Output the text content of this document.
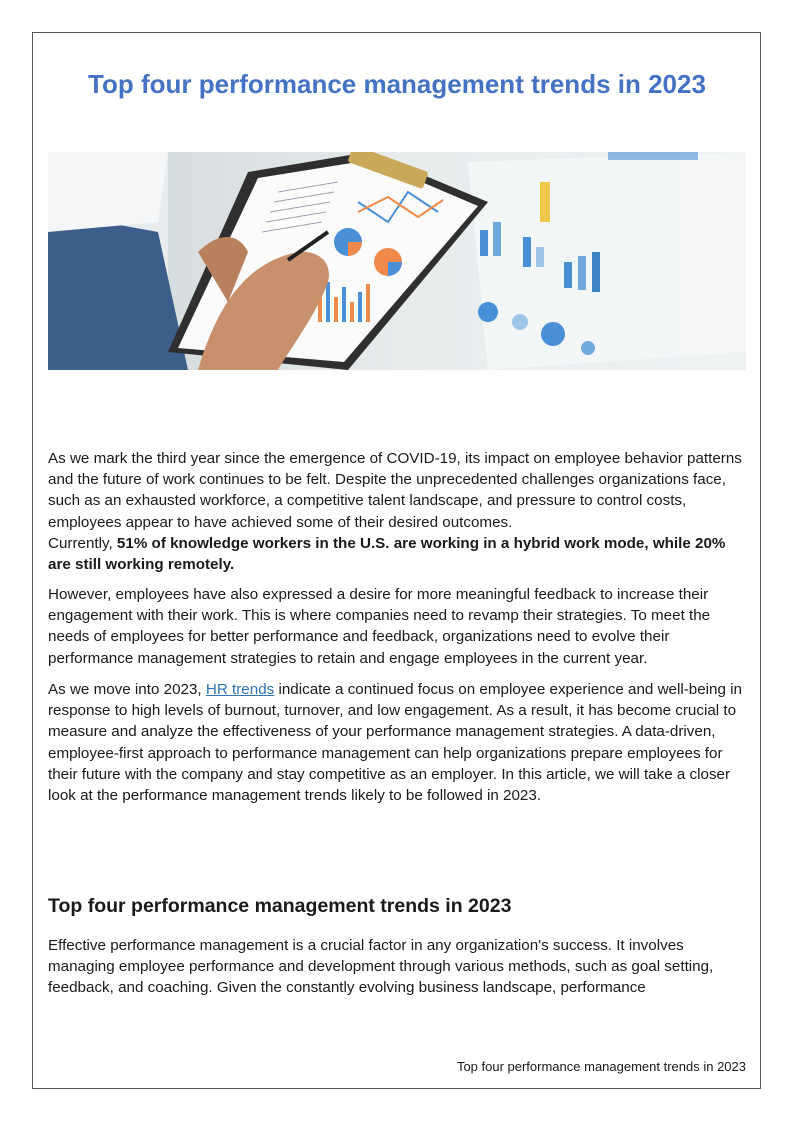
Top four performance management trends in 2023

As we mark the third year since the emergence of COVID-19, its impact on employee behavior patterns and the future of work continues to be felt. Despite the unprecedented challenges organizations face, such as an exhausted workforce, a competitive talent landscape, and pressure to control costs, employees appear to have achieved some of their desired outcomes.
Currently, 51% of knowledge workers in the U.S. are working in a hybrid work mode, while 20% are still working remotely.

However, employees have also expressed a desire for more meaningful feedback to increase their engagement with their work. This is where companies need to revamp their strategies. To meet the needs of employees for better performance and feedback, organizations need to evolve their performance management strategies to retain and engage employees in the current year.

As we move into 2023, HR trends indicate a continued focus on employee experience and well-being in response to high levels of burnout, turnover, and low engagement. As a result, it has become crucial to measure and analyze the effectiveness of your performance management strategies. A data-driven, employee-first approach to performance management can help organizations prepare employees for their future with the company and stay competitive as an employer. In this article, we will take a closer look at the performance management trends likely to be followed in 2023.

Top four performance management trends in 2023

Effective performance management is a crucial factor in any organization's success. It involves managing employee performance and development through various methods, such as goal setting, feedback, and coaching. Given the constantly evolving business landscape, performance

Top four performance management trends in 2023
